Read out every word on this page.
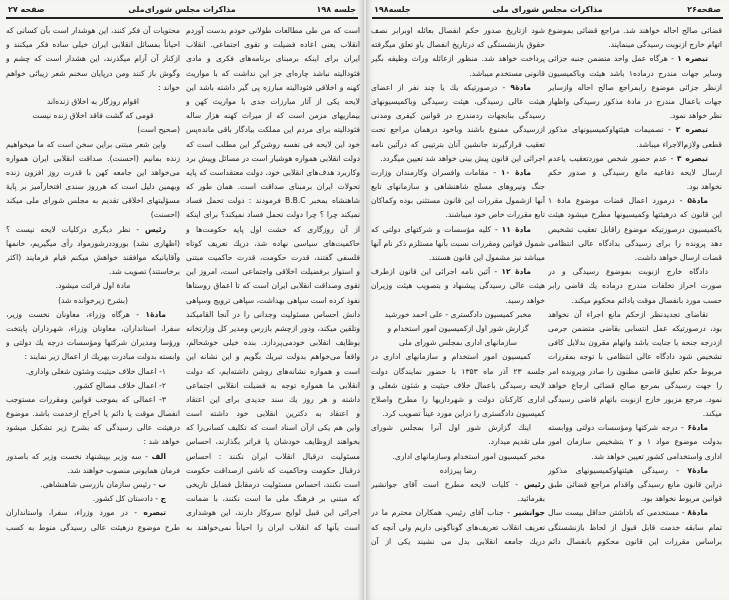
جلسه ۱۹۸
مذاکرات مجلس شورای‌ملی
صفحه ۲۷
است که من طی مطالعات طولانی خودم بدست آوردم
انقلاب یعنی اعاده فضیلت و تقوی اجتماعی. انقلاب
ایران برای اینکه برمبنای برنامه‌های فکری و مادی
فئودالیته نباشد چاره‌ای جز این نداشت که با مواریث
کهنه و اخلاقی فئودالیته مبارزه پی گیر داشته باشد این
لایحه یکی از آثار مبارزات جدی با مواریث کهن و
بیماریهای مزمن است که از میراث کهنه هزار ساله
فئودالیته برای مردم این مملکت بیادگار باقی مانده‌پس
خود این لایحه فی نفسه روشن‌گر این مطلب است که
دولت انقلابی همواره هوشیار است در مسائل وپیش برد
وکاربرد هدف‌های انقلابی خود، دولت معتقداست که پایه
تحولات ایران برمبنای صداقت است. همان طور که
شاهنشاه بمخبر B.B.C فرمودند : دولت تحمل فساد
نمیکند چرا ؟ چرا دولت تحمل فساد نمیکند؟ برای اینکه
از آن روزگاری که خشت اول پایه حکومت‌ها و
حاکمیت‌های سیاسی نهاده شد، دریك تعریف کوتاه
فلسفی گفتند، قدرت حکومت، قدرت حاکمیت مبتنی
و استوار برفضیلت اخلاقی واجتماعی است، امروز این
تقوی وصداقت انقلابی ایران است که تا اعماق روستاها
نفوذ کرده است سپاهی بهداشت، سپاهی ترویج وسپاهی
دانش احساس مسئولیت وجدانی را در آنجا القامیکند
وتلقین میکند، ودور ازچشم بازرس ومدیر کل وزارتخانه
بوظایف انقلابی خودمی‌پردازد. بنده خیلی خوشحالم،
واقعاً می‌خواهم بدولت تبریك بگویم و این نشانه این
است و همواره نشانه‌های روشن داشته‌ایم، که دولت
انقلابی ما همواره توجه به فضیلت انقلابی اجتماعی
داشته و هر روز یك سند جدیدی برای این اعتقاد
و اعتقاد به دکترین انقلابی خود داشته است
واین هم یکی ازآن اسناد است که تکلیف کسانی‌را که
بخواهند ازوظایف خودشان پا فراتر بگذارند، احساس
مسئولیت درقبال انقلاب ایران نکنند : احساس
درقبال حکومت وحاکمیت که ناشی ازصداقت حکومت
است نکنند، احساس مسئولیت درمقابل فضایل تاریخی
که مبتنی بر فرهنگ ملی ما است نکنند، با ضمانت
اجرائی این قبیل لوایح سروکار دارند، این هوشداری
است بآنها که انقلاب ایران را احیاناً نمی‌خواهند به
محتویات آن فکر کنند، این هوشدار است بآن کسانی که
احیاناً بمسائل انقلابی ایران خیلی ساده فکر میکنند و
ازکنار آن آرام میگذرند، این هشدار است که چشم و
وگوش باز کنند ومن درپایان سخنم شعر زیبائی خواهم
خواند :
اقوام روزگار به اخلاق زنده‌اند
قومی که گشت فاقد اخلاق زنده نیست
(صحیح است)
واین شعر مبتنی براین سخن است که ما میخواهیم
زنده بمانیم (احسنت). صداقت انقلابی ایران همواره
می‌خواهد این جامعه کهن با قدرت روز افزون زنده
وبهمین دلیل است که هرروز سندی افتخارآمیز بر پایهٔ
مسؤلیتهای اخلاقی تقدیم به مجلس شورای ملی میکند
(احسنت)
رئیس - نظر دیگری درکلیات لایحه نیست ؟
(اظهاری نشد) بوروددرشورمواد رأی میگیریم، خانمها
وآقایانیکه موافقند خواهش میکنم قیام فرمایند (اکثر
برخاستند) تصویب شد.
مادهٔ اول قرائت میشود.
(بشرح زیرخوانده شد)
مادهٔ۱ - هرگاه وزراء، معاونان نخست وزیر،
سفرا، استانداران، معاونان وزراء، شهرداران پایتخت
ورؤسا ومدیران شرکتها ومؤسسات درجه یك دولتی و
وابسته بدولت مبادرت بهریك از اعمال زیر نمایند :
۱- اعمال خلاف حیثیت وشئون شغلی واداری.
۲- اعمال خلاف مصالح کشور.
۳- اعمالی که بموجب قوانین ومقررات مستوجب
انفصال موقت یا دائم یا اخراج ازخدمت باشد. موضوع
درهیئت عالی رسیدگی که بشرح زیر تشکیل میشود
خواهد شد :
الف - سه وزیر بپیشنهاد نخست وزیر که باصدور
فرمان همایونی منصوب خواهند شد.
ب - رئیس سازمان بازرسی شاهنشاهی.
ج - دادستان کل کشور.
تبصره - در مورد وزراء، سفرا، واستانداران
طرح موضوع درهیئت عالی رسیدگی منوط به کسب
صفحه۲۶
مذاکرات مجلس شورای ملی
جلسه۱۹۸
قضائی صالح احاله خواهند شد. مراجع قضائی بموضوع
اتهام خارج ازنوبت رسیدگی مینمایند.
تبصره ۱ - هرگاه عمل واحد متضمن جنبه جزائی
وسایر جهات مندرج درماده۱ باشد هیئت وباکمیسیون
ازنظر جزائی موضوع رابمراجع صالح احاله وازسایر
جهات باعمال مندرج در مادهٔ مذکور رسیدگی واظهار
نظر خواهد نمود.
تبصره ۲ - تصمیمات هیئتهاوکمیسیونهای مذکور
قطعی ولازم‌الاجراء میباشد.
تبصره ۳ - عدم حضور شخص موردتعقیب یاعدم
ارسال لایحه دفاعیه مانع رسیدگی و صدور حکم
نخواهد بود.
مادهٔ۵ - درمورد اعمال قضات موضوع مادهٔ ۱
این قانون که درهیئتها وکمیسیونها مطرح میشود هیئت
باکمیسیون درصورتیکه موضوع راقابل تعقیب تشخیص
دهد پرونده را برای رسیدگی بدادگاه عالی انتظامی
قضات ارسال خواهد داشت.
دادگاه خارج ازنوبت بموضوع رسیدگی و در
صورت احراز تخلفات مندرج درماده یك قاضی رابر
حسب مورد بانفصال موقت یادائم محکوم میکند.
تقاضای تجدیدنظر ازحکم مانع اجراء آن نخواهد
بود، درصورتیکه عمل انتسابی بقاضی متضمن جرمی
ازدرجه جنحه یا جنایت باشد واتهام مقرون بدلایل کافی
تشخیص شود دادگاه عالی انتظامی با توجه بمقررات
مربوط حکم تعلیق قاضی مظنون را صادر وپرونده امر
را جهت رسیدگی بمرجع صالح قضائی ارجاع خواهد
نمود. مرجع مزبور خارج ازنوبت باتهام قاضی رسیدگی
میکند.
مادهٔ۶ - درجه شرکتها ومؤسسات دولتی ووابسته
بدولت موضوع مواد ۱ و ۲ بتشخیص سازمان امور
اداری واستخدامی کشور تعیین خواهد شد.
مادهٔ۷ - رسیدگی هیئتهاوکمیسیونهای مذکور
دراین قانون مانع رسیدگی واقدام مراجع قضائی طبق
قوانین مربوط نخواهد بود.
مادهٔ۸ - مستخدمی که باداشتن حداقل بیست سال
تمام سابقه خدمت قابل قبول از لحاظ بازنشستگی
براساس مقررات این قانون محکوم بانفصال دائم
شود ازتاریخ صدور حکم انفصال بعائله اوبرابر نصف
حقوق بازنشستگی که درتاریخ انفصال باو تعلق میگرفته
پرداخت خواهد شد. منظور ازعائله وراث وظیفه بگیر
قانونی مستخدم میباشد.
مادهٔ۹ - درصورتیکه یك یا چند نفر از اعضای
هیئت عالی رسیدگی، هیئت رسیدگی وباکمیسیونهای
رسیدگی بنابجهات ردمندرج در قوانین کیفری ومدنی
ازرسیدگی ممنوع باشند وباخود درهمان مراجع تحت
تعقیب قرارگیرند جانشین آنان بترتیبی که درآئین نامه
اجرائی این قانون پیش بینی خواهد شد تعیین میگردد.
مادهٔ ۱۰ - مقامات وافسران وکارمندان وزارت
جنگ ونیروهای مسلح شاهنشاهی و سازمانهای تابع
آنها ازشمول مقررات این قانون مستثنی بوده وکماکان
تابع مقررات خاص خود میباشند.
مادهٔ ۱۱ - کلیه مؤسسات و شرکتهای دولتی که
شمول قوانین ومقررات نسبت بآنها مستلزم ذکر نام آنها
میباشد نیز مشمول این قانون هستند.
مادهٔ ۱۲ - آئین نامه اجرائی این قانون ازطرف
هیئت عالی رسیدگی پیشنهاد و بتصویب هیئت وزیران
خواهد رسید.
مخبر کمیسیون دادگستری - علی احمد خورشید
گزارش شور اول ازکمیسیون امور استخدام و
سازمانهای اداری بمجلس شورای ملی
کمیسیون امور استخدام و سازمانهای اداری در
جلسه ۲۳ آذر ماه ۱۳۵۳ با حضور نمایندگان دولت
لایحه رسیدگی باعمال خلاف حیثیت و شئون شغلی و
اداری کارکنان دولت و شهرداریها را مطرح واصلاح
کمیسیون دادگستری را دراین مورد عیناً تصویب کرد.
اینك گزارش شور اول آنرا بمجلس شورای
ملی تقدیم میدارد.
مخبر کمیسیون امور استخدام وسازمانهای اداری.
رضا پیرزاده
رئیس - کلیات لایحه مطرح است آقای جوانشیر
بفرمائید.
جوانشیر - جناب آقای رئیس، همکاران محترم ما در
تعریف انقلاب تعریف‌های گوناگونی داریم ولی آنچه که
دریك جامعه انقلابی بدل می نشیند یکی از آن
